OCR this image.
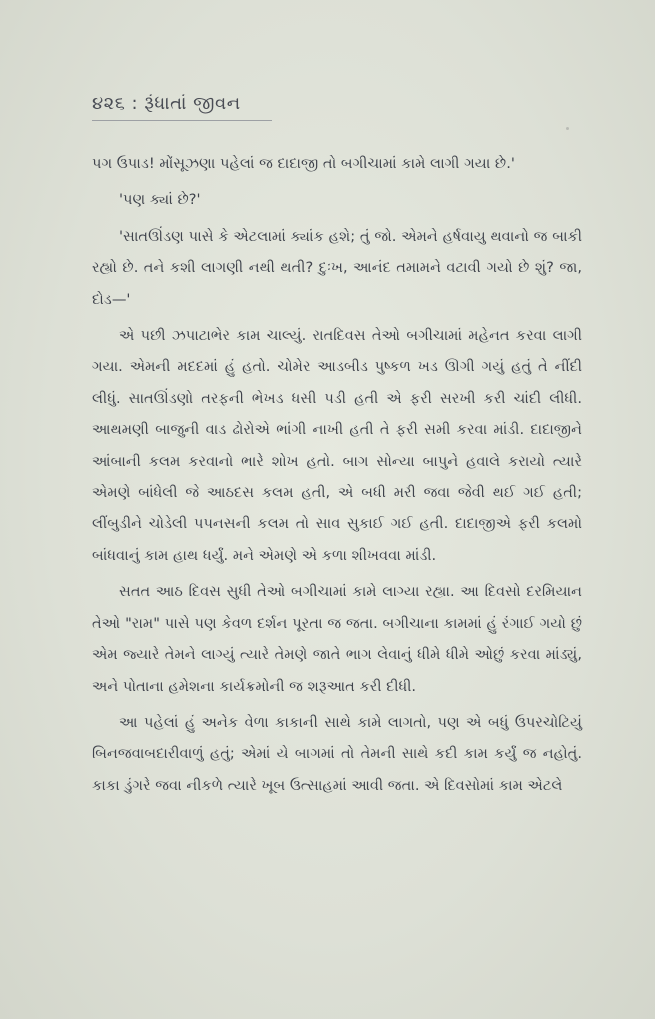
૪૨૬ : રૂંધાતાં જીવન

પગ ઉપાડ! મોંસૂઝણા પહેલાં જ દાદાજી તો બગીચામાં કામે લાગી ગયા છે.'

'પણ ક્યાં છે?'

'સાતઊંડણ પાસે કે એટલામાં ક્યાંક હશે; તું જો. એમને હર્ષવાયુ થવાનો જ બાકી રહ્યો છે. તને કશી લાગણી નથી થતી? દુઃખ, આનંદ તમામને વટાવી ગયો છે શું? જા, દોડ—'

એ પછી ઝપાટાભેર કામ ચાલ્યું. રાતદિવસ તેઓ બગીચામાં મહેનત કરવા લાગી ગયા. એમની મદદમાં હું હતો. ચોમેર આડબીડ પુષ્કળ ખડ ઊગી ગયું હતું તે નીંદી લીધું. સાતઊંડણો તરફની ભેખડ ધસી પડી હતી એ ફરી સરખી કરી ચાંદી લીધી. આથમણી બાજુની વાડ ઢોરોએ ભાંગી નાખી હતી તે ફરી સમી કરવા માંડી. દાદાજીને આંબાની કલમ કરવાનો ભારે શોખ હતો. બાગ સોન્યા બાપુને હવાલે કરાયો ત્યારે એમણે બાંધેલી જે આઠદસ કલમ હતી, એ બધી મરી જવા જેવી થઈ ગઈ હતી; લીંબુડીને ચોડેલી પપનસની કલમ તો સાવ સુકાઈ ગઈ હતી. દાદાજીએ ફરી કલમો બાંધવાનું કામ હાથ ધર્યું. મને એમણે એ કળા શીખવવા માંડી.

સતત આઠ દિવસ સુધી તેઓ બગીચામાં કામે લાગ્યા રહ્યા. આ દિવસો દરમિયાન તેઓ "રામ" પાસે પણ કેવળ દર્શન પૂરતા જ જતા. બગીચાના કામમાં હું રંગાઈ ગયો છું એમ જ્યારે તેમને લાગ્યું ત્યારે તેમણે જાતે ભાગ લેવાનું ધીમે ધીમે ઓછું કરવા માંડ્યું, અને પોતાના હમેશના કાર્યક્રમોની જ શરૂઆત કરી દીધી.

આ પહેલાં હું અનેક વેળા કાકાની સાથે કામે લાગતો, પણ એ બધું ઉપરચોટિયું બિનજવાબદારીવાળું હતું; એમાં યે બાગમાં તો તેમની સાથે કદી કામ કર્યું જ નહોતું. કાકા ડુંગરે જવા નીકળે ત્યારે ખૂબ ઉત્સાહમાં આવી જતા. એ દિવસોમાં કામ એટલે
